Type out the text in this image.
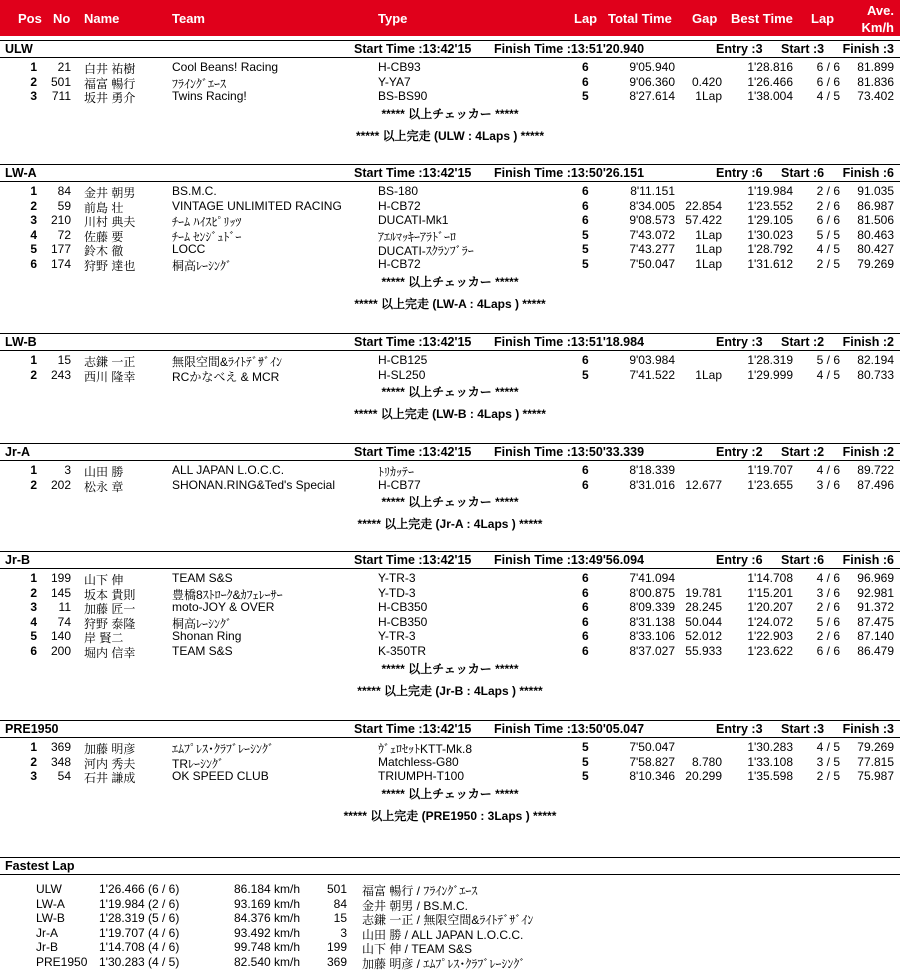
Pos No Name	Team	Type	Lap Total Time Gap Best Time Lap
Ave.
Km/h
ULW	Start Time :13:42'15 Finish Time :13:51'20.940	Entry :3 Start :3 Finish :3
1 21 白井 祐樹	Cool Beans! Racing	H-CB93	6	9'05.940	1'28.816 6 / 6 81.899
2 501 福富 暢行	ﾌﾗｲﾝｸﾞｴｰｽ	Y-YA7	6	9'06.360 0.420 1'26.466 6 / 6 81.836
3 711 坂井 勇介	Twins Racing!	BS-BS90	5	8'27.614 1Lap 1'38.004 4 / 5 73.402
***** 以上チェッカー *****
***** 以上完走 (ULW : 4Laps ) *****
LW-A	Start Time :13:42'15 Finish Time :13:50'26.151	Entry :6 Start :6 Finish :6
1 84 金井 朝男	BS.M.C.	BS-180	6	8'11.151	1'19.984 2 / 6 91.035
2 59 前島 壮	VINTAGE UNLIMITED RACING	H-CB72	6	8'34.005 22.854 1'23.552 2 / 6 86.987
3 210 川村 典夫	ﾁｰﾑ ﾊｲｽﾋﾟﾘｯﾂ	DUCATI-Mk1	6	9'08.573 57.422 1'29.105 6 / 6 81.506
4 72 佐藤 要	ﾁｰﾑ ｾﾝｼﾞｭﾄﾞｰ	ｱｴﾙﾏｯｷｰｱﾗﾄﾞｰﾛ	5	7'43.072 1Lap 1'30.023 5 / 5 80.463
5 177 鈴木 徹	LOCC	DUCATI-ｽｸﾗﾝﾌﾞﾗｰ	5	7'43.277 1Lap 1'28.792 4 / 5 80.427
6 174 狩野 達也	桐高ﾚｰｼﾝｸﾞ	H-CB72	5	7'50.047 1Lap 1'31.612 2 / 5 79.269
***** 以上チェッカー *****
***** 以上完走 (LW-A : 4Laps ) *****
LW-B	Start Time :13:42'15 Finish Time :13:51'18.984	Entry :3 Start :2 Finish :2
1 15 志鎌 一正	無限空間&ﾗｲﾄﾃﾞｻﾞｲﾝ	H-CB125	6	9'03.984	1'28.319 5 / 6 82.194
2 243 西川 隆幸	RCかなべえ & MCR	H-SL250	5	7'41.522 1Lap 1'29.999 4 / 5 80.733
***** 以上チェッカー *****
***** 以上完走 (LW-B : 4Laps ) *****
Jr-A	Start Time :13:42'15 Finish Time :13:50'33.339	Entry :2 Start :2 Finish :2
1 3 山田 勝	ALL JAPAN L.O.C.C.	ﾄﾘｶｯﾃｰ	6	8'18.339	1'19.707 4 / 6 89.722
2 202 松永 章	SHONAN.RING&Ted's Special	H-CB77	6	8'31.016 12.677 1'23.655 3 / 6 87.496
***** 以上チェッカー *****
***** 以上完走 (Jr-A : 4Laps ) *****
Jr-B	Start Time :13:42'15 Finish Time :13:49'56.094	Entry :6 Start :6 Finish :6
1 199 山下 伸	TEAM S&S	Y-TR-3	6	7'41.094	1'14.708 4 / 6 96.969
2 145 坂本 貴則	豊橋8ｽﾄﾛｰｸ&ｶﾌｪﾚｰｻｰ	Y-TD-3	6	8'00.875 19.781 1'15.201 3 / 6 92.981
3 11 加藤 匠一	moto-JOY & OVER	H-CB350	6	8'09.339 28.245 1'20.207 2 / 6 91.372
4 74 狩野 泰隆	桐高ﾚｰｼﾝｸﾞ	H-CB350	6	8'31.138 50.044 1'24.072 5 / 6 87.475
5 140 岸 賢二	Shonan Ring	Y-TR-3	6	8'33.106 52.012 1'22.903 2 / 6 87.140
6 200 堀内 信幸	TEAM S&S	K-350TR	6	8'37.027 55.933 1'23.622 6 / 6 86.479
***** 以上チェッカー *****
***** 以上完走 (Jr-B : 4Laps ) *****
PRE1950	Start Time :13:42'15 Finish Time :13:50'05.047	Entry :3 Start :3 Finish :3
1 369 加藤 明彦	ｴﾑﾌﾟﾚｽ･ｸﾗﾌﾞﾚｰｼﾝｸﾞ	ｳﾞｪﾛｾｯﾄKTT-Mk.8	5	7'50.047	1'30.283 4 / 5 79.269
2 348 河内 秀夫	TRﾚｰｼﾝｸﾞ	Matchless-G80	5	7'58.827 8.780 1'33.108 3 / 5 77.815
3 54 石井 謙成	OK SPEED CLUB	TRIUMPH-T100	5	8'10.346 20.299 1'35.598 2 / 5 75.987
***** 以上チェッカー *****
***** 以上完走 (PRE1950 : 3Laps ) *****
Fastest Lap
ULW	1'26.466 (6 / 6)	86.184 km/h 501 福富 暢行 / ﾌﾗｲﾝｸﾞｴｰｽ
LW-A	1'19.984 (2 / 6)	93.169 km/h	84 金井 朝男 / BS.M.C.
LW-B	1'28.319 (5 / 6)	84.376 km/h	15 志鎌 一正 / 無限空間&ﾗｲﾄﾃﾞｻﾞｲﾝ
Jr-A	1'19.707 (4 / 6)	93.492 km/h	3 山田 勝 / ALL JAPAN L.O.C.C.
Jr-B	1'14.708 (4 / 6)	99.748 km/h 199 山下 伸 / TEAM S&S
PRE1950 1'30.283 (4 / 5)	82.540 km/h 369 加藤 明彦 / ｴﾑﾌﾟﾚｽ･ｸﾗﾌﾞﾚｰｼﾝｸﾞ
